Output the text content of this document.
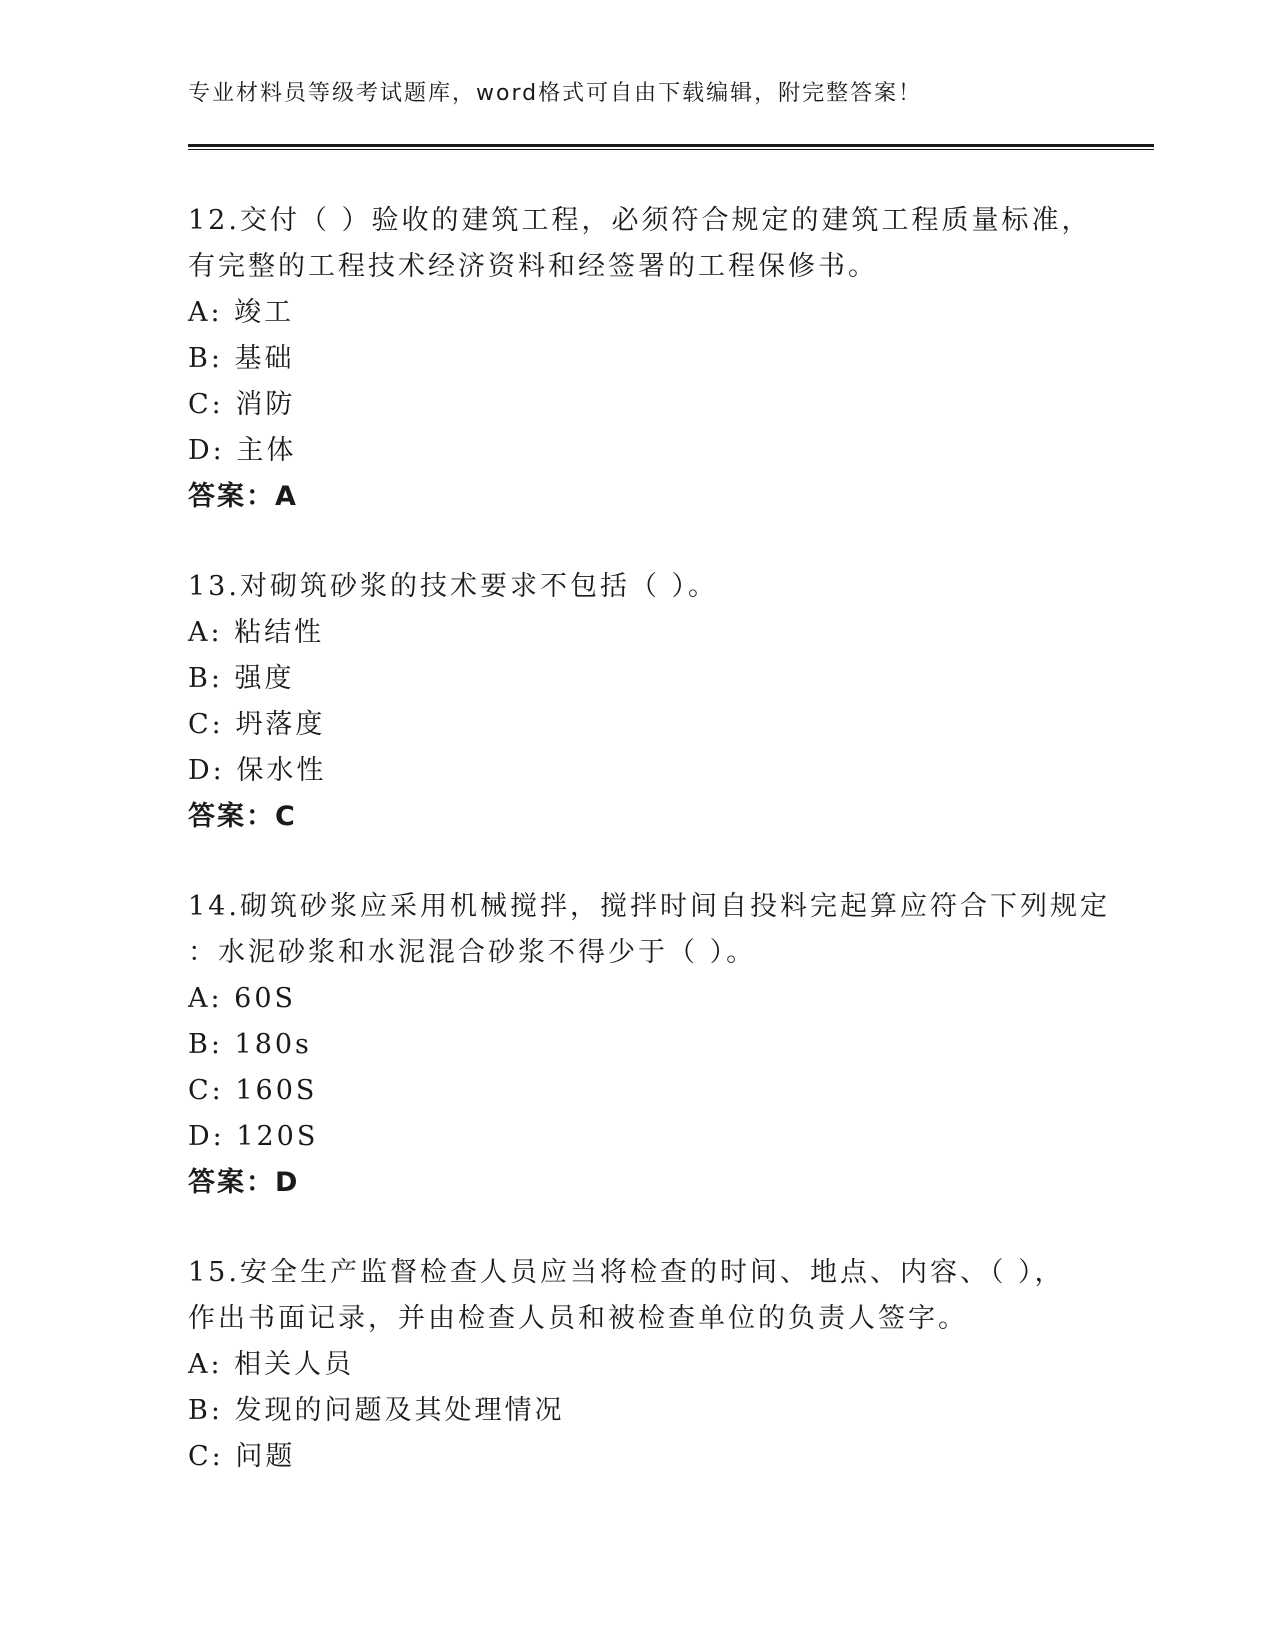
专业材料员等级考试题库，word格式可自由下载编辑，附完整答案！
12.交付（ ）验收的建筑工程，必须符合规定的建筑工程质量标准，
有完整的工程技术经济资料和经签署的工程保修书。
A: 竣工
B: 基础
C: 消防
D: 主体
答案：A
13.对砌筑砂浆的技术要求不包括（ ）。
A: 粘结性
B: 强度
C: 坍落度
D: 保水性
答案：C
14.砌筑砂浆应采用机械搅拌，搅拌时间自投料完起算应符合下列规定
：水泥砂浆和水泥混合砂浆不得少于（ ）。
A: 60S
B: 180s
C: 160S
D: 120S
答案：D
15.安全生产监督检查人员应当将检查的时间、地点、内容、（ ），
作出书面记录，并由检查人员和被检查单位的负责人签字。
A: 相关人员
B: 发现的问题及其处理情况
C: 问题
